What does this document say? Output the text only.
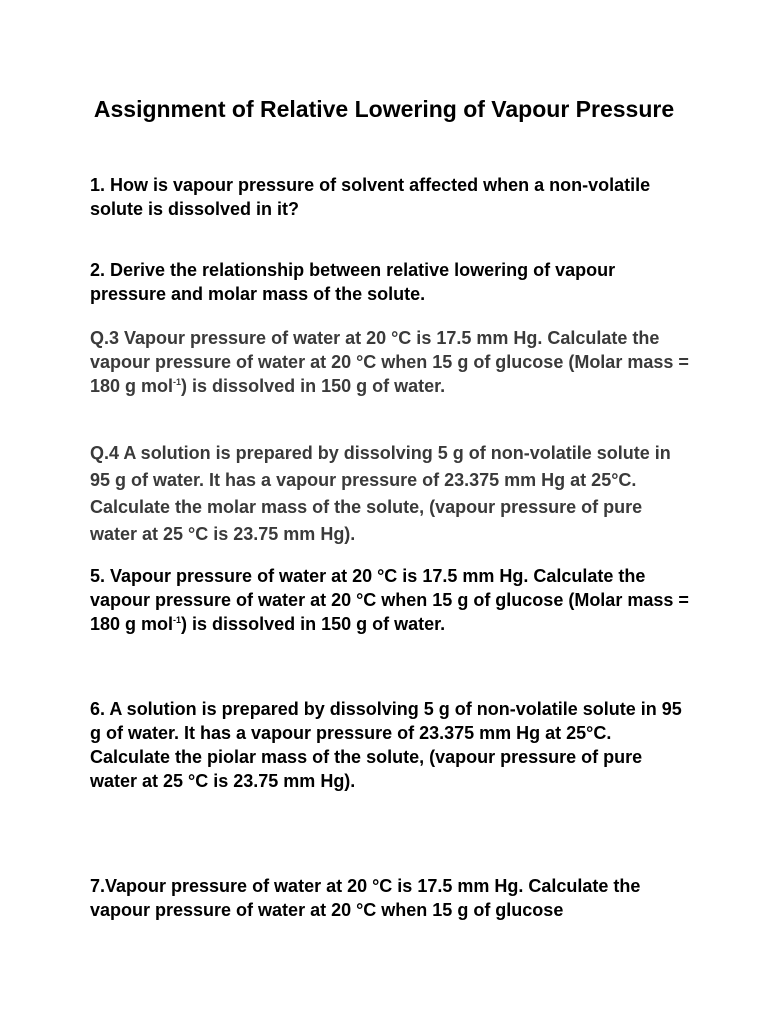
Assignment of Relative Lowering of Vapour Pressure
1. How is vapour pressure of solvent affected when a non-volatile solute is dissolved in it?
2. Derive the relationship between relative lowering of vapour pressure and molar mass of the solute.
Q.3 Vapour pressure of water at 20 °C is 17.5 mm Hg. Calculate the vapour pressure of water at 20 °C when 15 g of glucose (Molar mass = 180 g mol$^{-1}$) is dissolved in 150 g of water.
Q.4 A solution is prepared by dissolving 5 g of non-volatile solute in 95 g of water. It has a vapour pressure of 23.375 mm Hg at 25°C. Calculate the molar mass of the solute, (vapour pressure of pure water at 25 °C is 23.75 mm Hg).
5. Vapour pressure of water at 20 °C is 17.5 mm Hg. Calculate the vapour pressure of water at 20 °C when 15 g of glucose (Molar mass = 180 g mol$^{-1}$) is dissolved in 150 g of water.
6. A solution is prepared by dissolving 5 g of non-volatile solute in 95 g of water. It has a vapour pressure of 23.375 mm Hg at 25°C. Calculate the piolar mass of the solute, (vapour pressure of pure water at 25 °C is 23.75 mm Hg).
7.Vapour pressure of water at 20 °C is 17.5 mm Hg. Calculate the vapour pressure of water at 20 °C when 15 g of glucose
